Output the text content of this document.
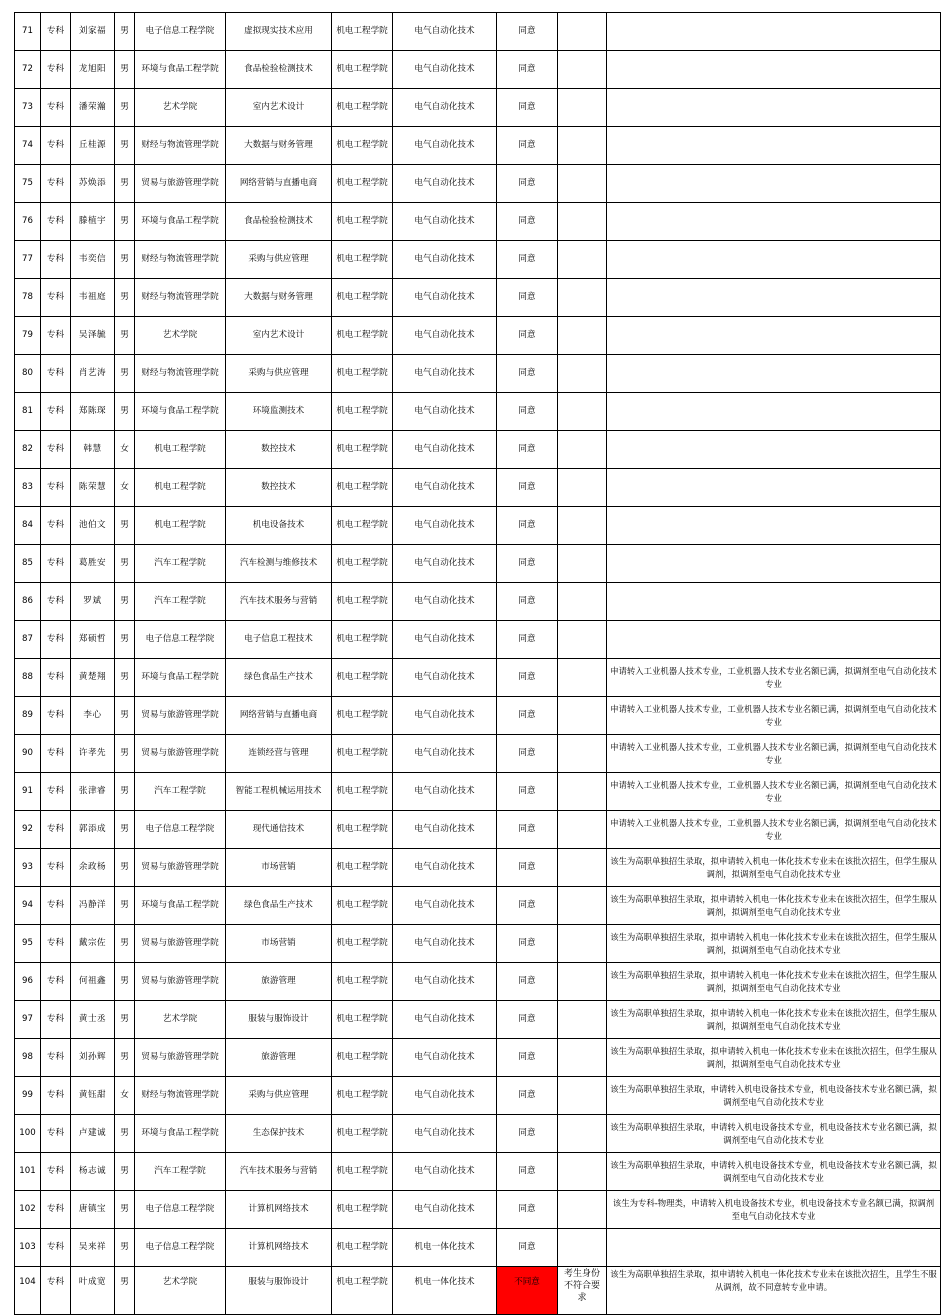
71	专科	刘家福	男	电子信息工程学院	虚拟现实技术应用	机电工程学院	电气自动化技术	同意		
72	专科	龙旭阳	男	环境与食品工程学院	食品检验检测技术	机电工程学院	电气自动化技术	同意		
73	专科	潘荣瀚	男	艺术学院	室内艺术设计	机电工程学院	电气自动化技术	同意		
74	专科	丘桂源	男	财经与物流管理学院	大数据与财务管理	机电工程学院	电气自动化技术	同意		
75	专科	苏焕添	男	贸易与旅游管理学院	网络营销与直播电商	机电工程学院	电气自动化技术	同意		
76	专科	滕植宇	男	环境与食品工程学院	食品检验检测技术	机电工程学院	电气自动化技术	同意		
77	专科	韦奕信	男	财经与物流管理学院	采购与供应管理	机电工程学院	电气自动化技术	同意		
78	专科	韦祖庭	男	财经与物流管理学院	大数据与财务管理	机电工程学院	电气自动化技术	同意		
79	专科	吴泽毓	男	艺术学院	室内艺术设计	机电工程学院	电气自动化技术	同意		
80	专科	肖艺涛	男	财经与物流管理学院	采购与供应管理	机电工程学院	电气自动化技术	同意		
81	专科	郑陈琛	男	环境与食品工程学院	环境监测技术	机电工程学院	电气自动化技术	同意		
82	专科	韩慧	女	机电工程学院	数控技术	机电工程学院	电气自动化技术	同意		
83	专科	陈荣慧	女	机电工程学院	数控技术	机电工程学院	电气自动化技术	同意		
84	专科	池伯文	男	机电工程学院	机电设备技术	机电工程学院	电气自动化技术	同意		
85	专科	葛胜安	男	汽车工程学院	汽车检测与维修技术	机电工程学院	电气自动化技术	同意		
86	专科	罗斌	男	汽车工程学院	汽车技术服务与营销	机电工程学院	电气自动化技术	同意		
87	专科	郑硕哲	男	电子信息工程学院	电子信息工程技术	机电工程学院	电气自动化技术	同意		
88	专科	黄楚翔	男	环境与食品工程学院	绿色食品生产技术	机电工程学院	电气自动化技术	同意		申请转入工业机器人技术专业，工业机器人技术专业名额已满，拟调剂至电气自动化技术专业
89	专科	李心	男	贸易与旅游管理学院	网络营销与直播电商	机电工程学院	电气自动化技术	同意		申请转入工业机器人技术专业，工业机器人技术专业名额已满，拟调剂至电气自动化技术专业
90	专科	许孝先	男	贸易与旅游管理学院	连锁经营与管理	机电工程学院	电气自动化技术	同意		申请转入工业机器人技术专业，工业机器人技术专业名额已满，拟调剂至电气自动化技术专业
91	专科	张津睿	男	汽车工程学院	智能工程机械运用技术	机电工程学院	电气自动化技术	同意		申请转入工业机器人技术专业，工业机器人技术专业名额已满，拟调剂至电气自动化技术专业
92	专科	郭添成	男	电子信息工程学院	现代通信技术	机电工程学院	电气自动化技术	同意		申请转入工业机器人技术专业，工业机器人技术专业名额已满，拟调剂至电气自动化技术专业
93	专科	余政杨	男	贸易与旅游管理学院	市场营销	机电工程学院	电气自动化技术	同意		该生为高职单独招生录取，拟申请转入机电一体化技术专业未在该批次招生，但学生服从调剂，拟调剂至电气自动化技术专业
94	专科	冯静洋	男	环境与食品工程学院	绿色食品生产技术	机电工程学院	电气自动化技术	同意		该生为高职单独招生录取，拟申请转入机电一体化技术专业未在该批次招生，但学生服从调剂，拟调剂至电气自动化技术专业
95	专科	戴宗佐	男	贸易与旅游管理学院	市场营销	机电工程学院	电气自动化技术	同意		该生为高职单独招生录取，拟申请转入机电一体化技术专业未在该批次招生，但学生服从调剂，拟调剂至电气自动化技术专业
96	专科	何祖鑫	男	贸易与旅游管理学院	旅游管理	机电工程学院	电气自动化技术	同意		该生为高职单独招生录取，拟申请转入机电一体化技术专业未在该批次招生，但学生服从调剂，拟调剂至电气自动化技术专业
97	专科	黄士丞	男	艺术学院	服装与服饰设计	机电工程学院	电气自动化技术	同意		该生为高职单独招生录取，拟申请转入机电一体化技术专业未在该批次招生，但学生服从调剂，拟调剂至电气自动化技术专业
98	专科	刘孙辉	男	贸易与旅游管理学院	旅游管理	机电工程学院	电气自动化技术	同意		该生为高职单独招生录取，拟申请转入机电一体化技术专业未在该批次招生，但学生服从调剂，拟调剂至电气自动化技术专业
99	专科	黄钰甜	女	财经与物流管理学院	采购与供应管理	机电工程学院	电气自动化技术	同意		该生为高职单独招生录取，申请转入机电设备技术专业，机电设备技术专业名额已满，拟调剂至电气自动化技术专业
100	专科	卢建诚	男	环境与食品工程学院	生态保护技术	机电工程学院	电气自动化技术	同意		该生为高职单独招生录取，申请转入机电设备技术专业，机电设备技术专业名额已满，拟调剂至电气自动化技术专业
101	专科	杨志诚	男	汽车工程学院	汽车技术服务与营销	机电工程学院	电气自动化技术	同意		该生为高职单独招生录取，申请转入机电设备技术专业，机电设备技术专业名额已满，拟调剂至电气自动化技术专业
102	专科	唐镇宝	男	电子信息工程学院	计算机网络技术	机电工程学院	电气自动化技术	同意		该生为专科-物理类，申请转入机电设备技术专业，机电设备技术专业名额已满，拟调剂至电气自动化技术专业
103	专科	吴来祥	男	电子信息工程学院	计算机网络技术	机电工程学院	机电一体化技术	同意		
104	专科	叶成宽	男	艺术学院	服装与服饰设计	机电工程学院	机电一体化技术	不同意	考生身份不符合要求	该生为高职单独招生录取，拟申请转入机电一体化技术专业未在该批次招生，且学生不服从调剂，故不同意转专业申请。
